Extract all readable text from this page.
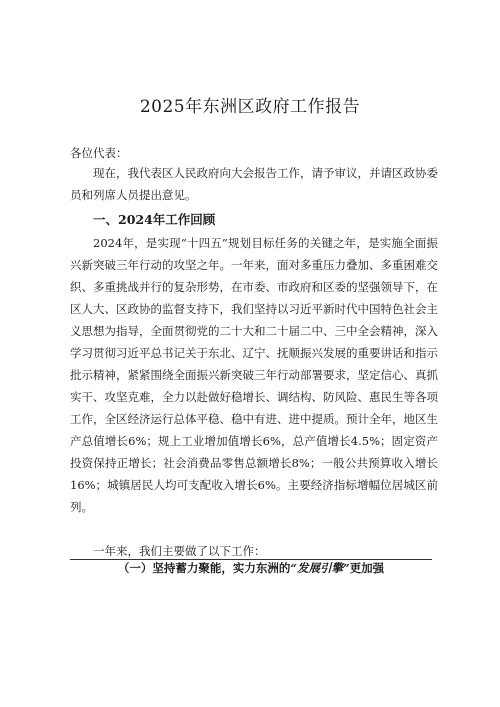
2025年东洲区政府工作报告
各位代表：

现在，我代表区人民政府向大会报告工作，请予审议，并请区政协委员和列席人员提出意见。

一、2024年工作回顾

2024年，是实现“十四五”规划目标任务的关键之年，是实施全面振兴新突破三年行动的攻坚之年。一年来，面对多重压力叠加、多重困难交织、多重挑战并行的复杂形势，在市委、市政府和区委的坚强领导下，在区人大、区政协的监督支持下，我们坚持以习近平新时代中国特色社会主义思想为指导，全面贯彻党的二十大和二十届二中、三中全会精神，深入学习贯彻习近平总书记关于东北、辽宁、抚顺振兴发展的重要讲话和指示批示精神，紧紧围绕全面振兴新突破三年行动部署要求，坚定信心、真抓实干、攻坚克难，全力以赴做好稳增长、调结构、防风险、惠民生等各项工作，全区经济运行总体平稳、稳中有进、进中提质。预计全年，地区生产总值增长6%；规上工业增加值增长6%，总产值增长4.5%；固定资产投资保持正增长；社会消费品零售总额增长8%；一般公共预算收入增长16%；城镇居民人均可支配收入增长6%。主要经济指标增幅位居城区前列。

一年来，我们主要做了以下工作：

（一）坚持蓄力聚能，实力东洲的“发展引擎”更加强
